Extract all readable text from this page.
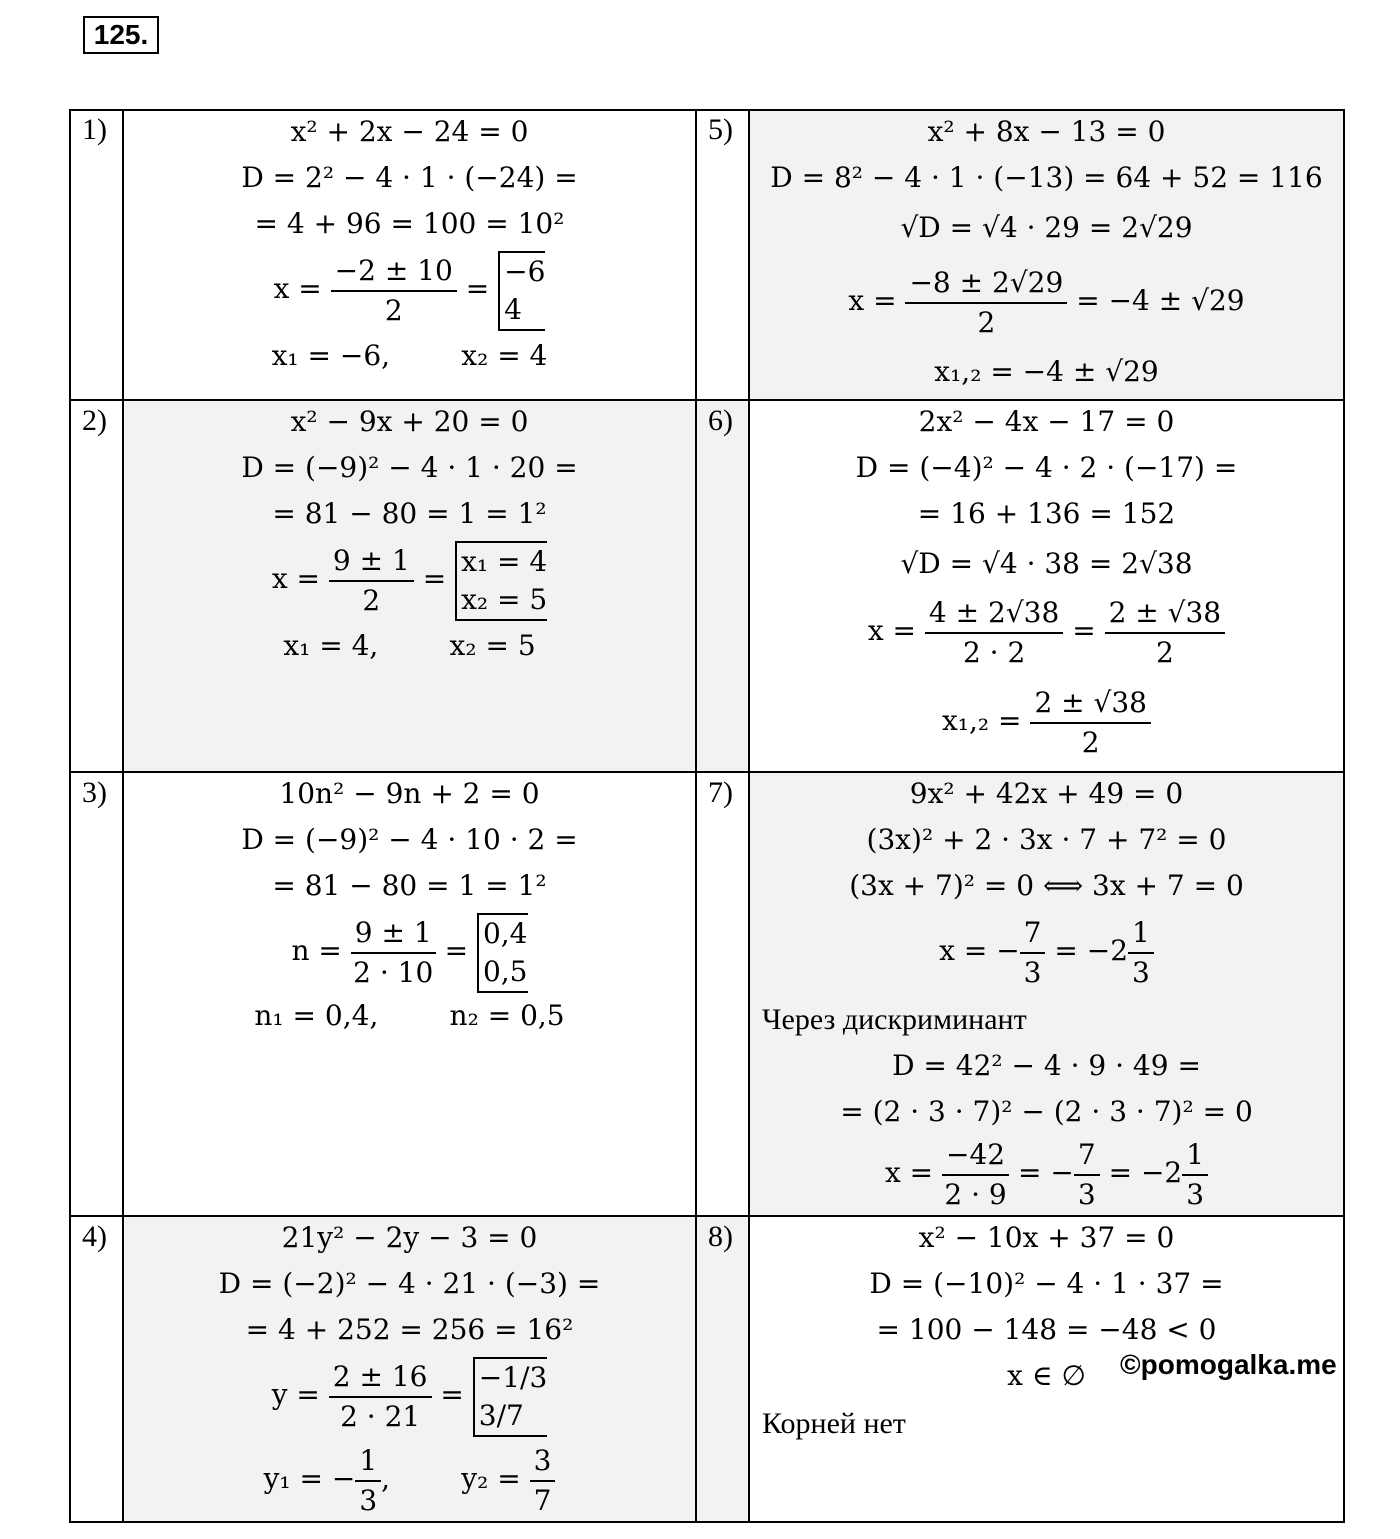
125.
1)
2)
3)
4)
5)
6)
7)
8)
x² + 2x − 24 = 0
D = 2² − 4 · 1 · (−24) =
= 4 + 96 = 100 = 10²
$x = \frac{-2 \pm 10}{2}$ =
−6
4
x₁ = −6,        x₂ = 4
x² − 9x + 20 = 0
D = (−9)² − 4 · 1 · 20 =
= 81 − 80 = 1 = 1²
$x = \frac{9 \pm 1}{2}$ =
x₁ = 4
x₂ = 5
x₁ = 4,        x₂ = 5
10n² − 9n + 2 = 0
D = (−9)² − 4 · 10 · 2 =
= 81 − 80 = 1 = 1²
$n = \frac{9 \pm 1}{2 \cdot 10}$ =
0,4
0,5
n₁ = 0,4,        n₂ = 0,5
21y² − 2y − 3 = 0
D = (−2)² − 4 · 21 · (−3) =
= 4 + 252 = 256 = 16²
$y = \frac{2 \pm 16}{2 \cdot 21}$ =
−1/3
3/7
y₁ = − $\frac{1}{3}$ ,        $y_2 = \frac{3}{7}$
x² + 8x − 13 = 0
D = 8² − 4 · 1 · (−13) = 64 + 52 = 116
√D = √4 · 29 = 2√29
$x = \frac{-8 \pm 2√29}{2} = -4 \pm √29$
x₁,₂ = −4 ± √29
2x² − 4x − 17 = 0
D = (−4)² − 4 · 2 · (−17) =
= 16 + 136 = 152
√D = √4 · 38 = 2√38
$x = \frac{4 \pm 2√38}{2 \cdot 2} = \frac{2 \pm √38}{2}$
$x_1,_2 = \frac{2 \pm √38}{2}$
9x² + 42x + 49 = 0
(3x)² + 2 · 3x · 7 + 7² = 0
(3x + 7)² = 0 ⟺ 3x + 7 = 0
x = − $\frac{7}{3} = -2 \frac{1}{3}$
Через дискриминант
D = 42² − 4 · 9 · 49 =
= (2 · 3 · 7)² − (2 · 3 · 7)² = 0
$x = \frac{-42}{2 \cdot 9}$ = − $\frac{7}{3} = -2 \frac{1}{3}$
x² − 10x + 37 = 0
D = (−10)² − 4 · 1 · 37 =
= 100 − 148 = −48 < 0
x ∈ ∅
Корней нет
©pomogalka.me
